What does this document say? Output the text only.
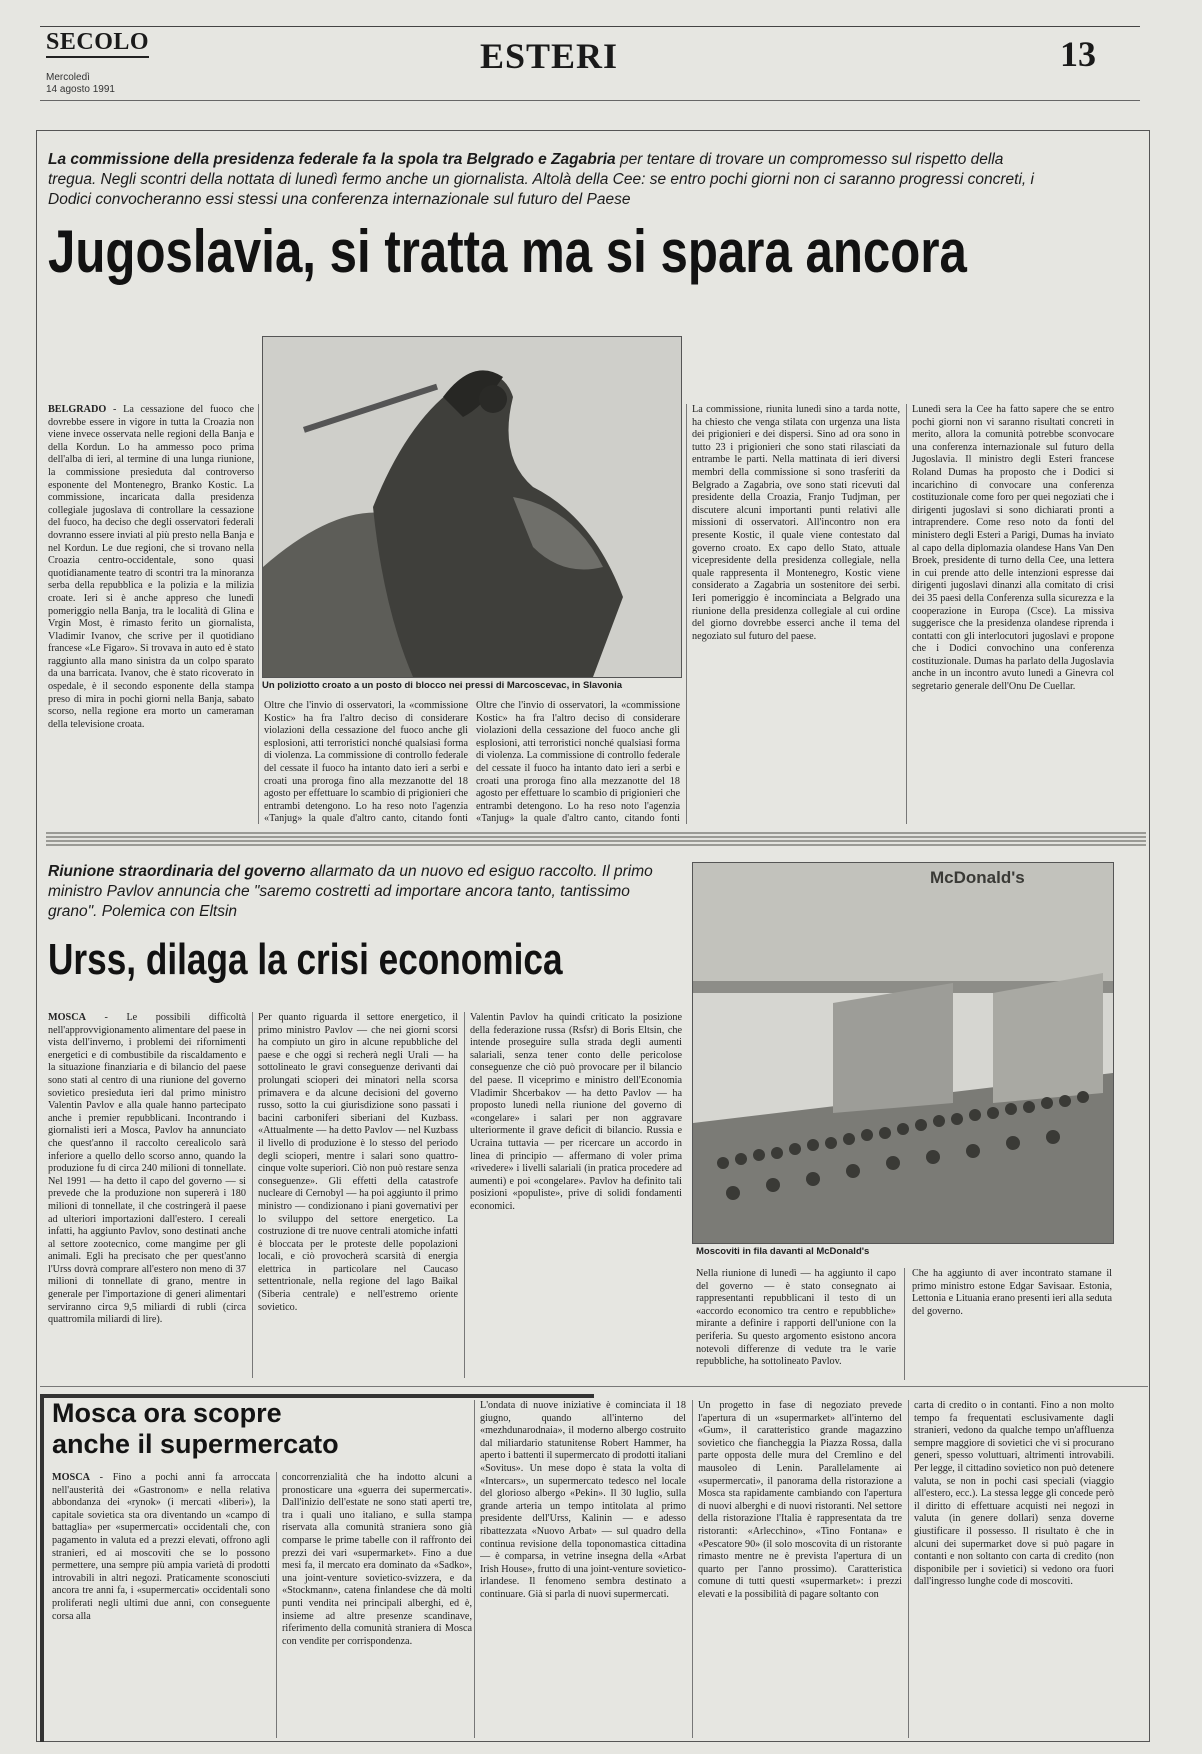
SECOLO
Mercoledì
14 agosto 1991
ESTERI	13
La commissione della presidenza federale fa la spola tra Belgrado e Zagabria per tentare di trovare un compromesso sul rispetto della tregua. Negli scontri della nottata di lunedì fermo anche un giornalista. Altolà della Cee: se entro pochi giorni non ci saranno progressi concreti, i Dodici convocheranno essi stessi una conferenza internazionale sul futuro del Paese
Jugoslavia, si tratta ma si spara ancora
Un poliziotto croato a un posto di blocco nei pressi di Marcoscevac, in Slavonia
BELGRADO - La cessazione del fuoco che dovrebbe essere in vigore in tutta la Croazia non viene invece osservata nelle regioni della Banja e della Kordun. Lo ha ammesso poco prima dell'alba di ieri, al termine di una lunga riunione, la commissione presieduta dal controverso esponente del Montenegro, Branko Kostic. La commissione, incaricata dalla presidenza collegiale jugoslava di controllare la cessazione del fuoco, ha deciso che degli osservatori federali dovranno essere inviati al più presto nella Banja e nel Kordun. Le due regioni, che si trovano nella Croazia centro-occidentale, sono quasi quotidianamente teatro di scontri tra la minoranza serba della repubblica e la polizia e la milizia croate. Ieri si è anche appreso che lunedì pomeriggio nella Banja, tra le località di Glina e Vrgin Most, è rimasto ferito un giornalista, Vladimir Ivanov, che scrive per il quotidiano francese «Le Figaro». Si trovava in auto ed è stato raggiunto alla mano sinistra da un colpo sparato da una barricata. Ivanov, che è stato ricoverato in ospedale, è il secondo esponente della stampa preso di mira in pochi giorni nella Banja, sabato scorso, nella regione era morto un cameraman della televisione croata.
Oltre che l'invio di osservatori, la «commissione Kostic» ha fra l'altro deciso di considerare violazioni della cessazione del fuoco anche gli esplosioni, atti terroristici nonché qualsiasi forma di violenza. La commissione di controllo federale del cessate il fuoco ha intanto dato ieri a serbi e croati una proroga fino alla mezzanotte del 18 agosto per effettuare lo scambio di prigionieri che entrambi detengono. Lo ha reso noto l'agenzia «Tanjug» la quale d'altro canto, citando fonti
Oltre che l'invio di osservatori, la «commissione Kostic» ha fra l'altro deciso di considerare violazioni della cessazione del fuoco anche gli esplosioni, atti terroristici nonché qualsiasi forma di violenza. La commissione di controllo federale del cessate il fuoco ha intanto dato ieri a serbi e croati una proroga fino alla mezzanotte del 18 agosto per effettuare lo scambio di prigionieri che entrambi detengono. Lo ha reso noto l'agenzia «Tanjug» la quale d'altro canto, citando fonti
La commissione, riunita lunedì sino a tarda notte, ha chiesto che venga stilata con urgenza una lista dei prigionieri e dei dispersi. Sino ad ora sono in tutto 23 i prigionieri che sono stati rilasciati da entrambe le parti. Nella mattinata di ieri diversi membri della commissione si sono trasferiti da Belgrado a Zagabria, ove sono stati ricevuti dal presidente della Croazia, Franjo Tudjman, per discutere alcuni importanti punti relativi alle missioni di osservatori. All'incontro non era presente Kostic, il quale viene contestato dal governo croato. Ex capo dello Stato, attuale vicepresidente della presidenza collegiale, nella quale rappresenta il Montenegro, Kostic viene considerato a Zagabria un sostenitore dei serbi. Ieri pomeriggio è incominciata a Belgrado una riunione della presidenza collegiale al cui ordine del giorno dovrebbe esserci anche il tema del negoziato sul futuro del paese.
Lunedì sera la Cee ha fatto sapere che se entro pochi giorni non vi saranno risultati concreti in merito, allora la comunità potrebbe sconvocare una conferenza internazionale sul futuro della Jugoslavia. Il ministro degli Esteri francese Roland Dumas ha proposto che i Dodici si incarichino di convocare una conferenza costituzionale come foro per quei negoziati che i dirigenti jugoslavi si sono dichiarati pronti a intraprendere. Come reso noto da fonti del ministero degli Esteri a Parigi, Dumas ha inviato al capo della diplomazia olandese Hans Van Den Broek, presidente di turno della Cee, una lettera in cui prende atto delle intenzioni espresse dai dirigenti jugoslavi dinanzi alla comitato di crisi dei 35 paesi della Conferenza sulla sicurezza e la cooperazione in Europa (Csce). La missiva suggerisce che la presidenza olandese riprenda i contatti con gli interlocutori jugoslavi e propone che i Dodici convochino una conferenza costituzionale. Dumas ha parlato della Jugoslavia anche in un incontro avuto lunedì a Ginevra col segretario generale dell'Onu De Cuellar.
Riunione straordinaria del governo allarmato da un nuovo ed esiguo raccolto. Il primo ministro Pavlov annuncia che "saremo costretti ad importare ancora tanto, tantissimo grano". Polemica con Eltsin
Urss, dilaga la crisi economica
McDonald's
Moscoviti in fila davanti al McDonald's
MOSCA - Le possibili difficoltà nell'approvvigionamento alimentare del paese in vista dell'inverno, i problemi dei rifornimenti energetici e di combustibile da riscaldamento e la situazione finanziaria e di bilancio del paese sono stati al centro di una riunione del governo sovietico presieduta ieri dal primo ministro Valentin Pavlov e alla quale hanno partecipato anche i premier repubblicani. Incontrando i giornalisti ieri a Mosca, Pavlov ha annunciato che quest'anno il raccolto cerealicolo sarà inferiore a quello dello scorso anno, quando la produzione fu di circa 240 milioni di tonnellate. Nel 1991 — ha detto il capo del governo — si prevede che la produzione non supererà i 180 milioni di tonnellate, il che costringerà il paese ad ulteriori importazioni dall'estero. I cereali infatti, ha aggiunto Pavlov, sono destinati anche al settore zootecnico, come mangime per gli animali. Egli ha precisato che per quest'anno l'Urss dovrà comprare all'estero non meno di 37 milioni di tonnellate di grano, mentre in generale per l'importazione di generi alimentari serviranno circa 9,5 miliardi di rubli (circa quattromila miliardi di lire).
Per quanto riguarda il settore energetico, il primo ministro Pavlov — che nei giorni scorsi ha compiuto un giro in alcune repubbliche del paese e che oggi si recherà negli Urali — ha sottolineato le gravi conseguenze derivanti dai prolungati scioperi dei minatori nella scorsa primavera e da alcune decisioni del governo russo, sotto la cui giurisdizione sono passati i bacini carboniferi siberiani del Kuzbass. «Attualmente — ha detto Pavlov — nel Kuzbass il livello di produzione è lo stesso del periodo degli scioperi, mentre i salari sono quattro-cinque volte superiori. Ciò non può restare senza conseguenze». Gli effetti della catastrofe nucleare di Cernobyl — ha poi aggiunto il primo ministro — condizionano i piani governativi per lo sviluppo del settore energetico. La costruzione di tre nuove centrali atomiche infatti è bloccata per le proteste delle popolazioni locali, e ciò provocherà scarsità di energia elettrica in particolare nel Caucaso settentrionale, nella regione del lago Baikal (Siberia centrale) e nell'estremo oriente sovietico.
Valentin Pavlov ha quindi criticato la posizione della federazione russa (Rsfsr) di Boris Eltsin, che intende proseguire sulla strada degli aumenti salariali, senza tener conto delle pericolose conseguenze che ciò può provocare per il bilancio del paese. Il viceprimo e ministro dell'Economia Vladimir Shcerbakov — ha detto Pavlov — ha proposto lunedì nella riunione del governo di «congelare» i salari per non aggravare ulteriormente il grave deficit di bilancio. Russia e Ucraina tuttavia — per ricercare un accordo in linea di principio — affermano di voler prima «rivedere» i livelli salariali (in pratica procedere ad aumenti) e poi «congelare». Pavlov ha definito tali posizioni «populiste», prive di solidi fondamenti economici.
Nella riunione di lunedì — ha aggiunto il capo del governo — è stato consegnato ai rappresentanti repubblicani il testo di un «accordo economico tra centro e repubbliche» mirante a definire i rapporti dell'unione con la periferia. Su questo argomento esistono ancora notevoli differenze di vedute tra le varie repubbliche, ha sottolineato Pavlov.
Che ha aggiunto di aver incontrato stamane il primo ministro estone Edgar Savisaar. Estonia, Lettonia e Lituania erano presenti ieri alla seduta del governo.
Mosca ora scopre
anche il supermercato
MOSCA - Fino a pochi anni fa arroccata nell'austerità dei «Gastronom» e nella relativa abbondanza dei «rynok» (i mercati «liberi»), la capitale sovietica sta ora diventando un «campo di battaglia» per «supermercati» occidentali che, con pagamento in valuta ed a prezzi elevati, offrono agli stranieri, ed ai moscoviti che se lo possono permettere, una sempre più ampia varietà di prodotti introvabili in altri negozi. Praticamente sconosciuti ancora tre anni fa, i «supermercati» occidentali sono proliferati negli ultimi due anni, con conseguente corsa alla
concorrenzialità che ha indotto alcuni a pronosticare una «guerra dei supermercati». Dall'inizio dell'estate ne sono stati aperti tre, tra i quali uno italiano, e sulla stampa riservata alla comunità straniera sono già comparse le prime tabelle con il raffronto dei prezzi dei vari «supermarket». Fino a due mesi fa, il mercato era dominato da «Sadko», una joint-venture sovietico-svizzera, e da «Stockmann», catena finlandese che dà molti punti vendita nei principali alberghi, ed è, insieme ad altre presenze scandinave, riferimento della comunità straniera di Mosca con vendite per corrispondenza.
L'ondata di nuove iniziative è cominciata il 18 giugno, quando all'interno del «mezhdunarodnaia», il moderno albergo costruito dal miliardario statunitense Robert Hammer, ha aperto i battenti il supermercato di prodotti italiani «Sovitus». Un mese dopo è stata la volta di «Intercars», un supermercato tedesco nel locale del glorioso albergo «Pekin». Il 30 luglio, sulla grande arteria un tempo intitolata al primo presidente dell'Urss, Kalinin — e adesso ribattezzata «Nuovo Arbat» — sul quadro della continua revisione della toponomastica cittadina — è comparsa, in vetrine insegna della «Arbat Irish House», frutto di una joint-venture sovietico-irlandese. Il fenomeno sembra destinato a continuare. Già si parla di nuovi supermercati.
Un progetto in fase di negoziato prevede l'apertura di un «supermarket» all'interno del «Gum», il caratteristico grande magazzino sovietico che fiancheggia la Piazza Rossa, dalla parte opposta delle mura del Cremlino e del mausoleo di Lenin. Parallelamente ai «supermercati», il panorama della ristorazione a Mosca sta rapidamente cambiando con l'apertura di nuovi alberghi e di nuovi ristoranti. Nel settore della ristorazione l'Italia è rappresentata da tre ristoranti: «Arlecchino», «Tino Fontana» e «Pescatore 90» (il solo moscovita di un ristorante rimasto mentre ne è prevista l'apertura di un quarto per l'anno prossimo). Caratteristica comune di tutti questi «supermarket»: i prezzi elevati e la possibilità di pagare soltanto con
carta di credito o in contanti. Fino a non molto tempo fa frequentati esclusivamente dagli stranieri, vedono da qualche tempo un'affluenza sempre maggiore di sovietici che vi si procurano generi, spesso voluttuari, altrimenti introvabili. Per legge, il cittadino sovietico non può detenere valuta, se non in pochi casi speciali (viaggio all'estero, ecc.). La stessa legge gli concede però il diritto di effettuare acquisti nei negozi in valuta (in genere dollari) senza doverne giustificare il possesso. Il risultato è che in alcuni dei supermarket dove si può pagare in contanti e non soltanto con carta di credito (non disponibile per i sovietici) si vedono ora fuori dall'ingresso lunghe code di moscoviti.
